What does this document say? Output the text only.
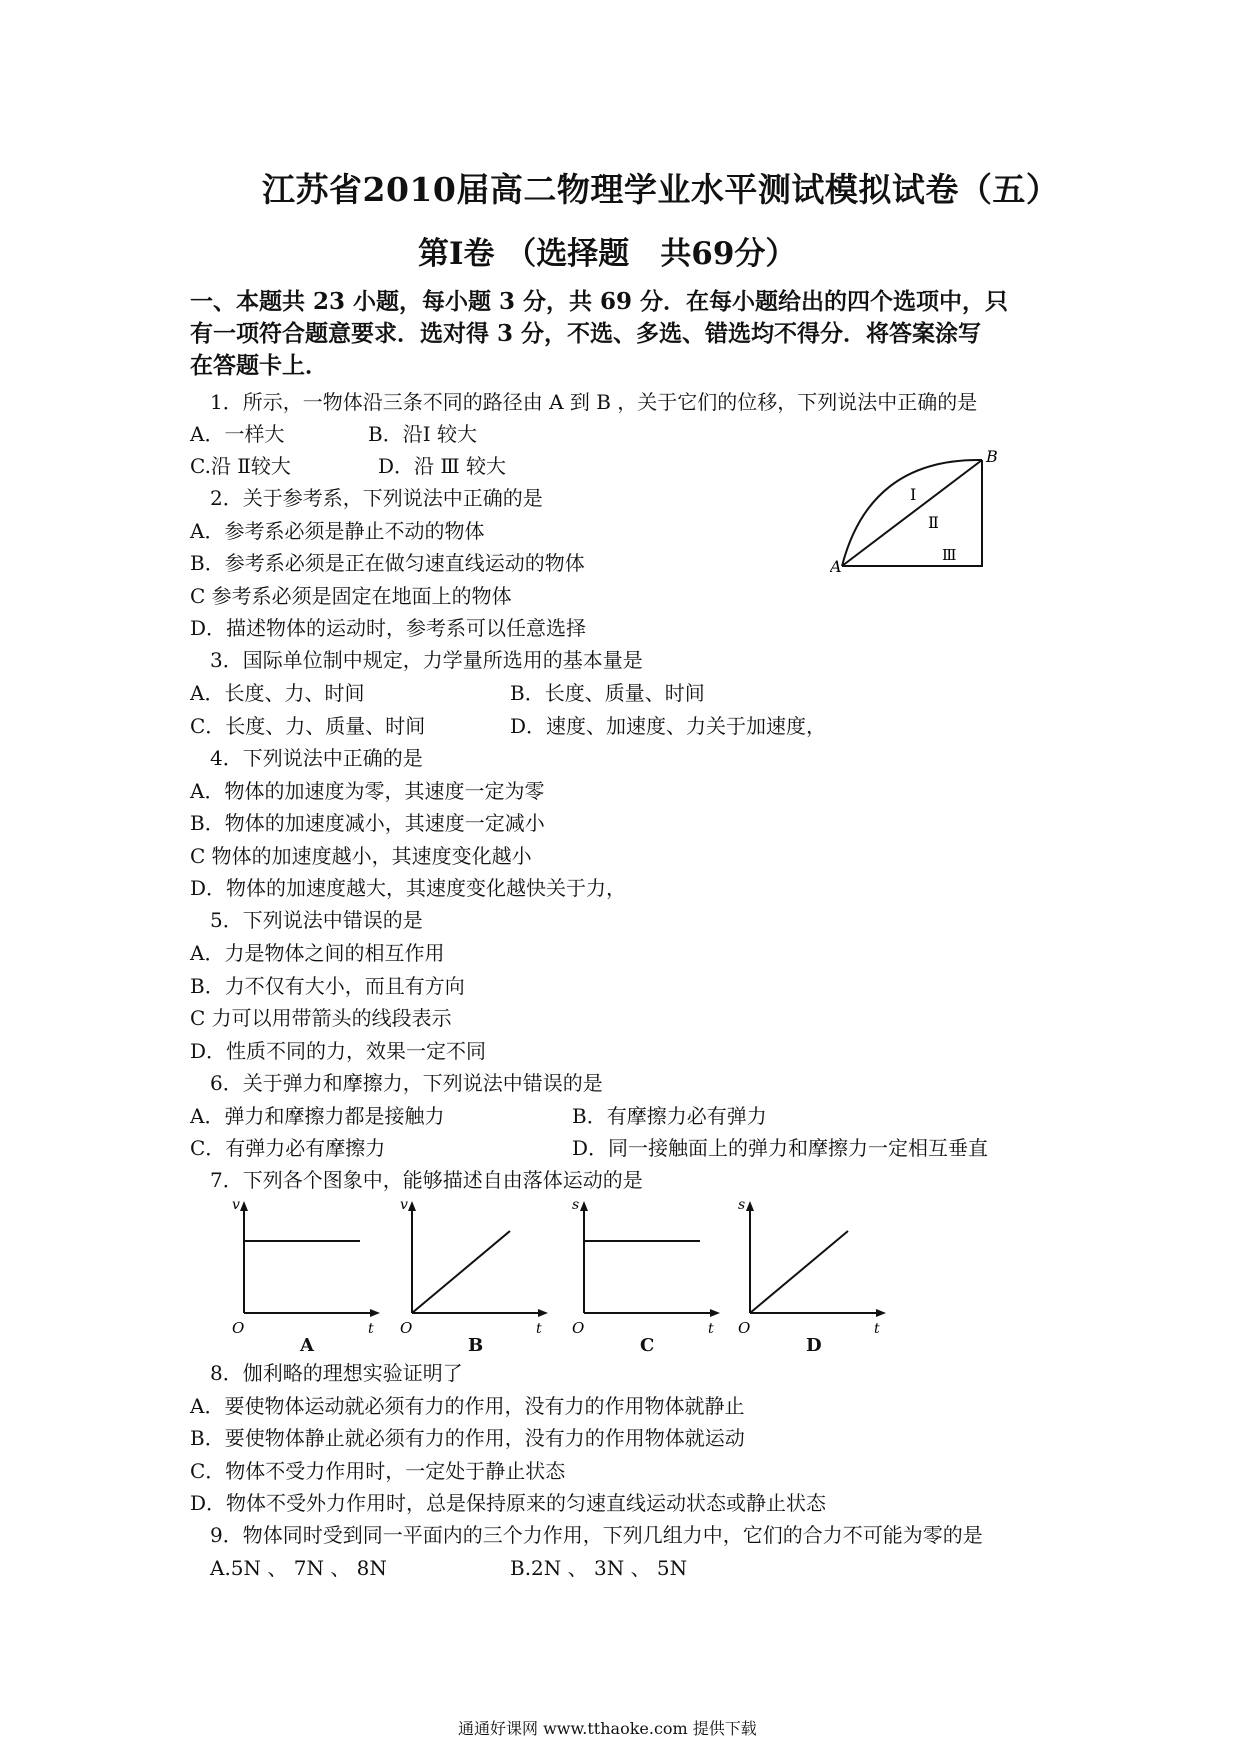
江苏省2010届高二物理学业水平测试模拟试卷（五）
第Ⅰ卷 （选择题　共69分）
一、本题共 23 小题，每小题 3 分，共 69 分．在每小题给出的四个选项中，只
有一项符合题意要求．选对得 3 分，不选、多选、错选均不得分．将答案涂写
在答题卡上．
1．所示，一物体沿三条不同的路径由 A 到 B ，关于它们的位移，下列说法中正确的是
A．一样大	B．沿Ⅰ 较大
C.沿 Ⅱ较大	D．沿 Ⅲ 较大
2．关于参考系，下列说法中正确的是
A．参考系必须是静止不动的物体
B．参考系必须是正在做匀速直线运动的物体
C 参考系必须是固定在地面上的物体
D．描述物体的运动时，参考系可以任意选择
3．国际单位制中规定，力学量所选用的基本量是
A．长度、力、时间	B．长度、质量、时间
C．长度、力、质量、时间	D．速度、加速度、力关于加速度，
4．下列说法中正确的是
A．物体的加速度为零，其速度一定为零
B．物体的加速度减小，其速度一定减小
C 物体的加速度越小，其速度变化越小
D．物体的加速度越大，其速度变化越快关于力，
5．下列说法中错误的是
A．力是物体之间的相互作用
B．力不仅有大小，而且有方向
C 力可以用带箭头的线段表示
D．性质不同的力，效果一定不同
6．关于弹力和摩擦力，下列说法中错误的是
A．弹力和摩擦力都是接触力	B．有摩擦力必有弹力
C．有弹力必有摩擦力	D．同一接触面上的弹力和摩擦力一定相互垂直
7．下列各个图象中，能够描述自由落体运动的是
8．伽利略的理想实验证明了
A．要使物体运动就必须有力的作用，没有力的作用物体就静止
B．要使物体静止就必须有力的作用，没有力的作用物体就运动
C．物体不受力作用时，一定处于静止状态
D．物体不受外力作用时，总是保持原来的匀速直线运动状态或静止状态
9．物体同时受到同一平面内的三个力作用，下列几组力中，它们的合力不可能为零的是
A.5N 、 7N 、 8N	B.2N 、 3N 、 5N
A
B
Ⅰ
Ⅱ
Ⅲ
v
t
O
A
v
t
O
B
s
t
O
C
s
t
O
D
通通好课网 www.tthaoke.com 提供下载
